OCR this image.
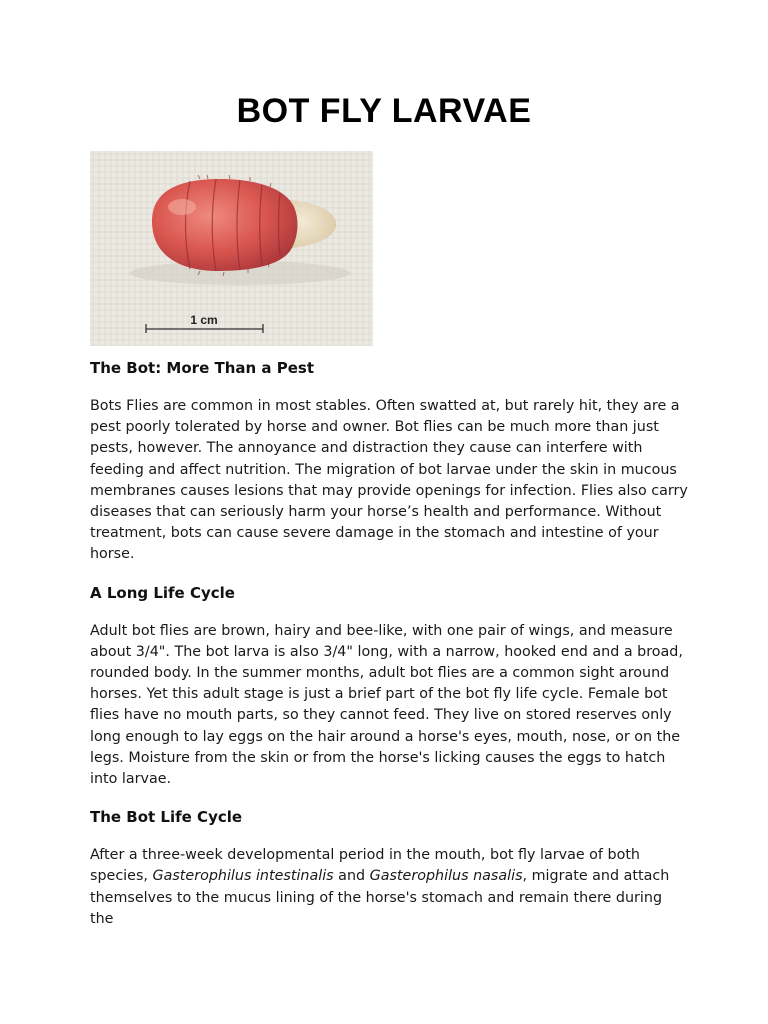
BOT FLY LARVAE
1 cm
The Bot: More Than a Pest

Bots Flies are common in most stables. Often swatted at, but rarely hit, they are a pest poorly tolerated by horse and owner. Bot flies can be much more than just pests, however. The annoyance and distraction they cause can interfere with feeding and affect nutrition. The migration of bot larvae under the skin in mucous membranes causes lesions that may provide openings for infection. Flies also carry diseases that can seriously harm your horse’s health and performance. Without treatment, bots can cause severe damage in the stomach and intestine of your horse.

A Long Life Cycle

Adult bot flies are brown, hairy and bee-like, with one pair of wings, and measure about 3/4". The bot larva is also 3/4" long, with a narrow, hooked end and a broad, rounded body. In the summer months, adult bot flies are a common sight around horses. Yet this adult stage is just a brief part of the bot fly life cycle. Female bot flies have no mouth parts, so they cannot feed. They live on stored reserves only long enough to lay eggs on the hair around a horse's eyes, mouth, nose, or on the legs. Moisture from the skin or from the horse's licking causes the eggs to hatch into larvae.

The Bot Life Cycle

After a three-week developmental period in the mouth, bot fly larvae of both species, Gasterophilus intestinalis and Gasterophilus nasalis, migrate and attach themselves to the mucus lining of the horse's stomach and remain there during the
